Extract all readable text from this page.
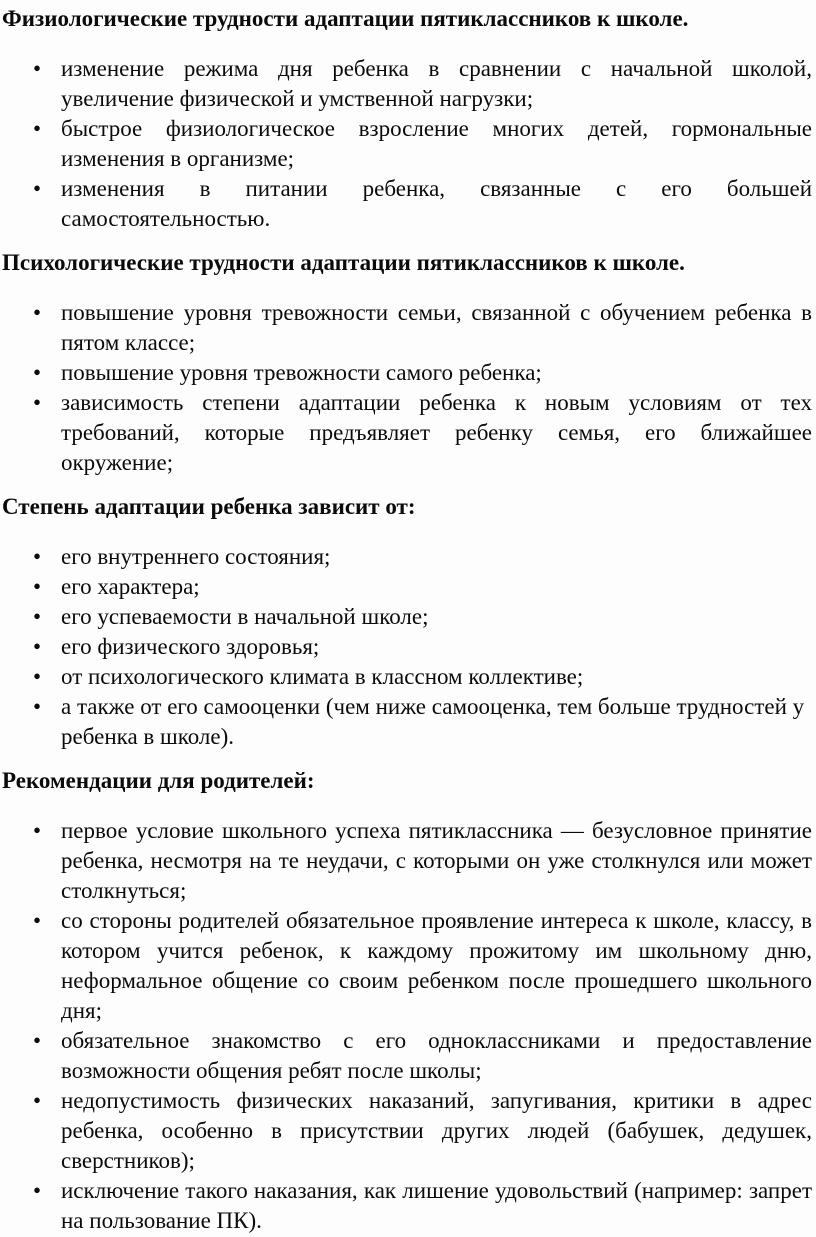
Физиологические трудности адаптации пятиклассников к школе.
• изменение режима дня ребенка в сравнении с начальной школой, увеличение физической и умственной нагрузки;
• быстрое физиологическое взросление многих детей, гормональные изменения в организме;
• изменения в питании ребенка, связанные с его большей самостоятельностью.
Психологические трудности адаптации пятиклассников к школе.
• повышение уровня тревожности семьи, связанной с обучением ребенка в пятом классе;
• повышение уровня тревожности самого ребенка;
• зависимость степени адаптации ребенка к новым условиям от тех требований, которые предъявляет ребенку семья, его ближайшее окружение;
Степень адаптации ребенка зависит от:
• его внутреннего состояния;
• его характера;
• его успеваемости в начальной школе;
• его физического здоровья;
• от психологического климата в классном коллективе;
• а также от его самооценки (чем ниже самооценка, тем больше трудностей у ребенка в школе).
Рекомендации для родителей:
• первое условие школьного успеха пятиклассника — безусловное принятие ребенка, несмотря на те неудачи, с которыми он уже столкнулся или может столкнуться;
• со стороны родителей обязательное проявление интереса к школе, классу, в котором учится ребенок, к каждому прожитому им школьному дню, неформальное общение со своим ребенком после прошедшего школьного дня;
• обязательное знакомство с его одноклассниками и предоставление возможности общения ребят после школы;
• недопустимость физических наказаний, запугивания, критики в адрес ребенка, особенно в присутствии других людей (бабушек, дедушек, сверстников);
• исключение такого наказания, как лишение удовольствий (например: запрет на пользование ПК).
